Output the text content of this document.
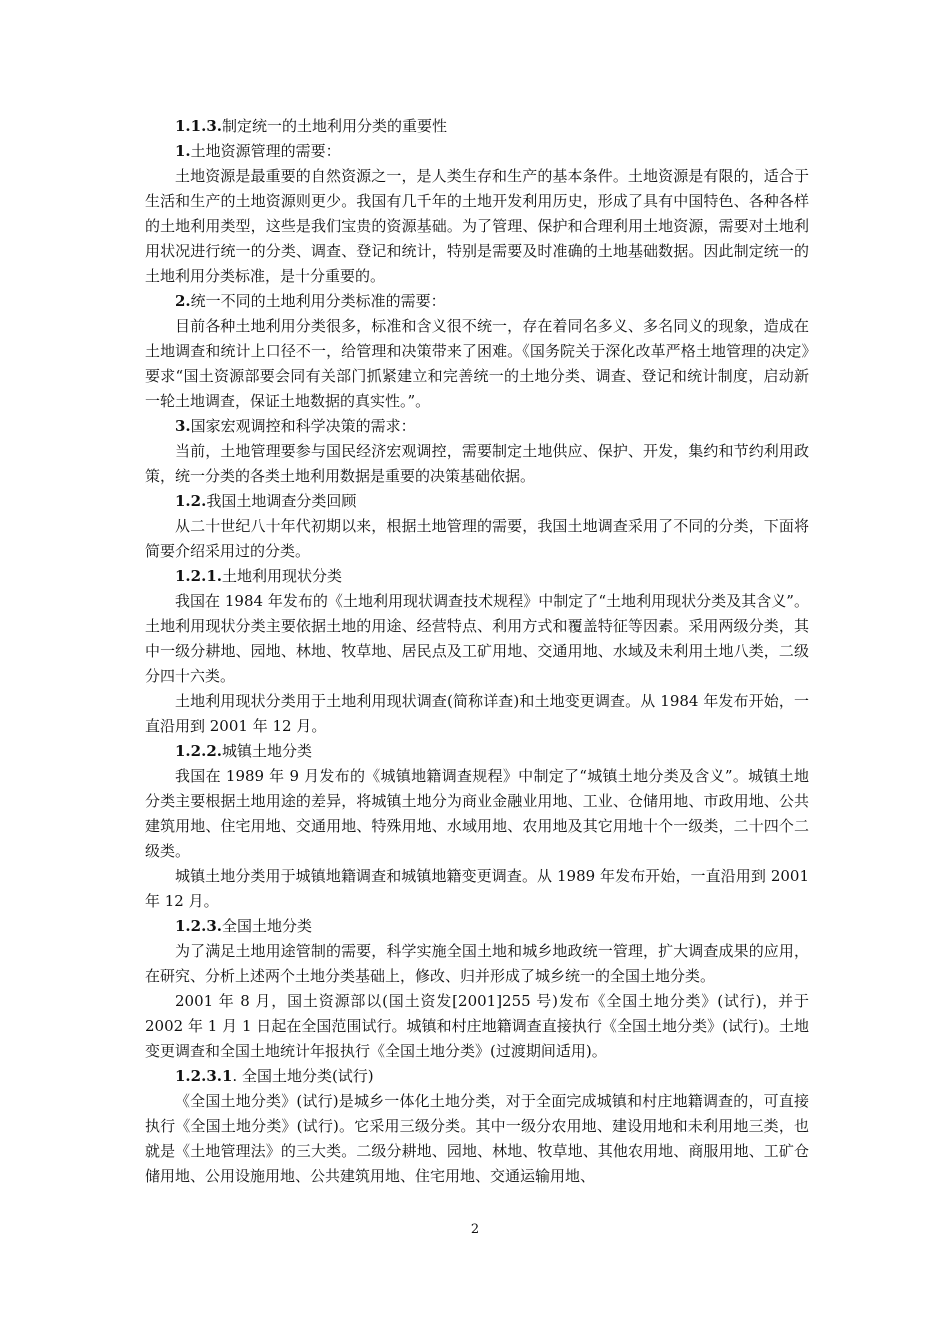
1.1.3.制定统一的土地利用分类的重要性
1.土地资源管理的需要：
土地资源是最重要的自然资源之一，是人类生存和生产的基本条件。土地资源是有限的，适合于生活和生产的土地资源则更少。我国有几千年的土地开发利用历史，形成了具有中国特色、各种各样的土地利用类型，这些是我们宝贵的资源基础。为了管理、保护和合理利用土地资源，需要对土地利用状况进行统一的分类、调查、登记和统计，特别是需要及时准确的土地基础数据。因此制定统一的土地利用分类标准，是十分重要的。
2.统一不同的土地利用分类标准的需要：
目前各种土地利用分类很多，标准和含义很不统一，存在着同名多义、多名同义的现象，造成在土地调查和统计上口径不一，给管理和决策带来了困难。《国务院关于深化改革严格土地管理的决定》要求“国土资源部要会同有关部门抓紧建立和完善统一的土地分类、调查、登记和统计制度，启动新一轮土地调查，保证土地数据的真实性。”。
3.国家宏观调控和科学决策的需求：
当前，土地管理要参与国民经济宏观调控，需要制定土地供应、保护、开发，集约和节约利用政策，统一分类的各类土地利用数据是重要的决策基础依据。
1.2.我国土地调查分类回顾
从二十世纪八十年代初期以来，根据土地管理的需要，我国土地调查采用了不同的分类，下面将简要介绍采用过的分类。
1.2.1.土地利用现状分类
我国在 1984 年发布的《土地利用现状调查技术规程》中制定了“土地利用现状分类及其含义”。土地利用现状分类主要依据土地的用途、经营特点、利用方式和覆盖特征等因素。采用两级分类，其中一级分耕地、园地、林地、牧草地、居民点及工矿用地、交通用地、水域及未利用土地八类，二级分四十六类。
土地利用现状分类用于土地利用现状调查(简称详查)和土地变更调查。从 1984 年发布开始，一直沿用到 2001 年 12 月。
1.2.2.城镇土地分类
我国在 1989 年 9 月发布的《城镇地籍调查规程》中制定了“城镇土地分类及含义”。城镇土地分类主要根据土地用途的差异，将城镇土地分为商业金融业用地、工业、仓储用地、市政用地、公共建筑用地、住宅用地、交通用地、特殊用地、水域用地、农用地及其它用地十个一级类，二十四个二级类。
城镇土地分类用于城镇地籍调查和城镇地籍变更调查。从 1989 年发布开始，一直沿用到 2001 年 12 月。
1.2.3.全国土地分类
为了满足土地用途管制的需要，科学实施全国土地和城乡地政统一管理，扩大调查成果的应用，在研究、分析上述两个土地分类基础上，修改、归并形成了城乡统一的全国土地分类。
2001 年 8 月，国土资源部以(国土资发[2001]255 号)发布《全国土地分类》(试行)，并于 2002 年 1 月 1 日起在全国范围试行。城镇和村庄地籍调查直接执行《全国土地分类》(试行)。土地变更调查和全国土地统计年报执行《全国土地分类》(过渡期间适用)。
1.2.3.1. 全国土地分类(试行)
《全国土地分类》(试行)是城乡一体化土地分类，对于全面完成城镇和村庄地籍调查的，可直接执行《全国土地分类》(试行)。它采用三级分类。其中一级分农用地、建设用地和未利用地三类，也就是《土地管理法》的三大类。二级分耕地、园地、林地、牧草地、其他农用地、商服用地、工矿仓储用地、公用设施用地、公共建筑用地、住宅用地、交通运输用地、
2
